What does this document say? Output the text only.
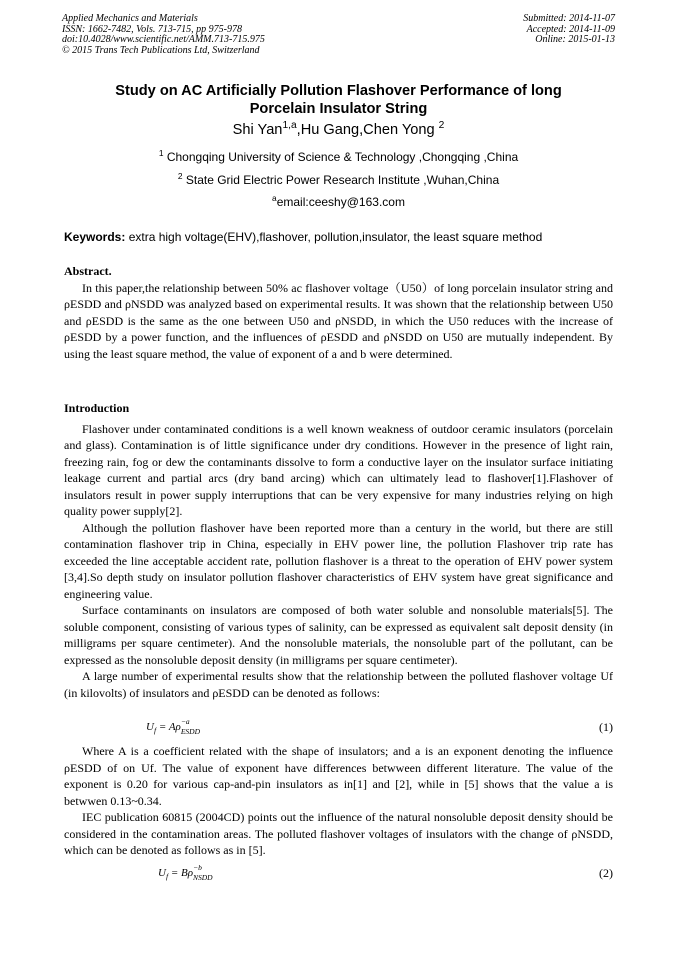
Applied Mechanics and Materials
ISSN: 1662-7482, Vols. 713-715, pp 975-978
doi:10.4028/www.scientific.net/AMM.713-715.975
© 2015 Trans Tech Publications Ltd, Switzerland
Submitted: 2014-11-07
Accepted: 2014-11-09
Online: 2015-01-13
Study on AC Artificially Pollution Flashover Performance of long
Porcelain Insulator String
Shi Yan$^{1,a}$,Hu Gang,Chen Yong $^2$
$^1$ Chongqing University of Science & Technology ,Chongqing ,China
$^2$ State Grid Electric Power Research Institute ,Wuhan,China
$^a$email:ceeshy@163.com
Keywords: extra high voltage(EHV),flashover, pollution,insulator, the least square method
Abstract.

In this paper,the relationship between 50% ac flashover voltage（U50）of long porcelain insulator string and ρESDD and ρNSDD was analyzed based on experimental results. It was shown that the relationship between U50 and ρESDD is the same as the one between U50 and ρNSDD, in which the U50 reduces with the increase of ρESDD by a power function, and the influences of ρESDD and ρNSDD on U50 are mutually independent. By using the least square method, the value of exponent of a and b were determined.

Introduction

Flashover under contaminated conditions is a well known weakness of outdoor ceramic insulators (porcelain and glass). Contamination is of little significance under dry conditions. However in the presence of light rain, freezing rain, fog or dew the contaminants dissolve to form a conductive layer on the insulator surface initiating leakage current and partial arcs (dry band arcing) which can ultimately lead to flashover[1].Flashover of insulators result in power supply interruptions that can be very expensive for many industries relying on high quality power supply[2].

Although the pollution flashover have been reported more than a century in the world, but there are still contamination flashover trip in China, especially in EHV power line, the pollution Flashover trip rate has exceeded the line acceptable accident rate, pollution flashover is a threat to the operation of EHV power system [3,4].So depth study on insulator pollution flashover characteristics of EHV system have great significance and engineering value.

Surface contaminants on insulators are composed of both water soluble and nonsoluble materials[5]. The soluble component, consisting of various types of salinity, can be expressed as equivalent salt deposit density (in milligrams per square centimeter). And the nonsoluble materials, the nonsoluble part of the pollutant, can be expressed as the nonsoluble deposit density (in milligrams per square centimeter).

A large number of experimental results show that the relationship between the polluted flashover voltage Uf (in kilovolts) of insulators and ρESDD can be denoted as follows:

$U_f = A\rho -a$
ESDD	(1)

Where A is a coefficient related with the shape of insulators; and a is an exponent denoting the influence ρESDD of on Uf. The value of exponent have differences betwween different literature. The value of the exponent is 0.20 for various cap-and-pin insulators as in[1] and [2], while in [5] shows that the value a is betwwen 0.13~0.34.

IEC publication 60815 (2004CD) points out the influence of the natural nonsoluble deposit density should be considered in the contamination areas. The polluted flashover voltages of insulators with the change of ρNSDD, which can be denoted as follows as in [5].

$U_f = B\rho -b$
NSDD	(2)
